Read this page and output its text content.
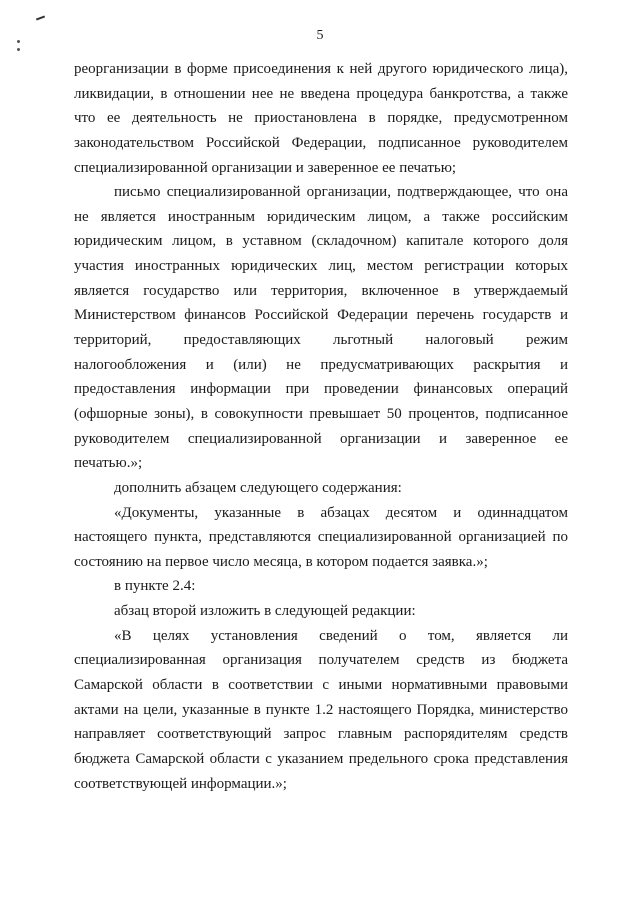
5
реорганизации в форме присоединения к ней другого юридического лица),
ликвидации, в отношении нее не введена процедура банкротства, а также
что ее деятельность не приостановлена в порядке, предусмотренном
законодательством Российской Федерации, подписанное руководителем
специализированной организации и заверенное ее печатью;
письмо специализированной организации, подтверждающее, что она
не является иностранным юридическим лицом, а также российским
юридическим лицом, в уставном (складочном) капитале которого доля
участия иностранных юридических лиц, местом регистрации которых
является государство или территория, включенное в утверждаемый
Министерством финансов Российской Федерации перечень государств и
территорий, предоставляющих льготный налоговый режим
налогообложения и (или) не предусматривающих раскрытия и
предоставления информации при проведении финансовых операций
(офшорные зоны), в совокупности превышает 50 процентов, подписанное
руководителем специализированной организации и заверенное ее
печатью.»;
дополнить абзацем следующего содержания:
«Документы, указанные в абзацах десятом и одиннадцатом
настоящего пункта, представляются специализированной организацией по
состоянию на первое число месяца, в котором подается заявка.»;
в пункте 2.4:
абзац второй изложить в следующей редакции:
«В целях установления сведений о том, является ли
специализированная организация получателем средств из бюджета
Самарской области в соответствии с иными нормативными правовыми
актами на цели, указанные в пункте 1.2 настоящего Порядка, министерство
направляет соответствующий запрос главным распорядителям средств
бюджета Самарской области с указанием предельного срока представления
соответствующей информации.»;
